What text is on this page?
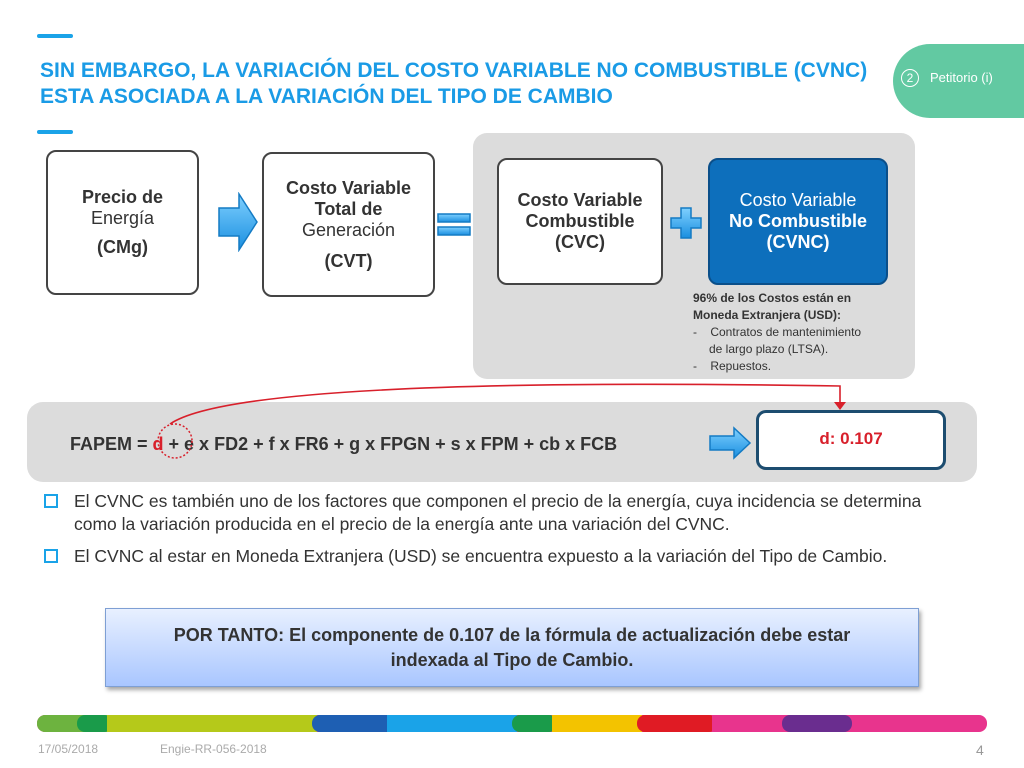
SIN EMBARGO, LA VARIACIÓN DEL COSTO VARIABLE NO COMBUSTIBLE (CVNC) ESTA ASOCIADA A LA VARIACIÓN DEL TIPO DE CAMBIO
2	Petitorio (i)
Precio de
Energía
(CMg)
Costo Variable
Total de
Generación
(CVT)
Costo Variable
Combustible
(CVC)
Costo Variable
No Combustible
(CVNC)
96% de los Costos están en
Moneda Extranjera (USD):
- Contratos de mantenimiento
de largo plazo (LTSA).
- Repuestos.
FAPEM = d + e x FD2 + f x FR6 + g x FPGN + s x FPM + cb x FCB	d: 0.107
El CVNC es también uno de los factores que componen el precio de la energía, cuya incidencia se determina como la variación producida en el precio de la energía ante una variación del CVNC.
El CVNC al estar en Moneda Extranjera (USD) se encuentra expuesto a la variación del Tipo de Cambio.
POR TANTO: El componente de 0.107 de la fórmula de actualización debe estar indexada al Tipo de Cambio.
17/05/2018	Engie-RR-056-2018	4
